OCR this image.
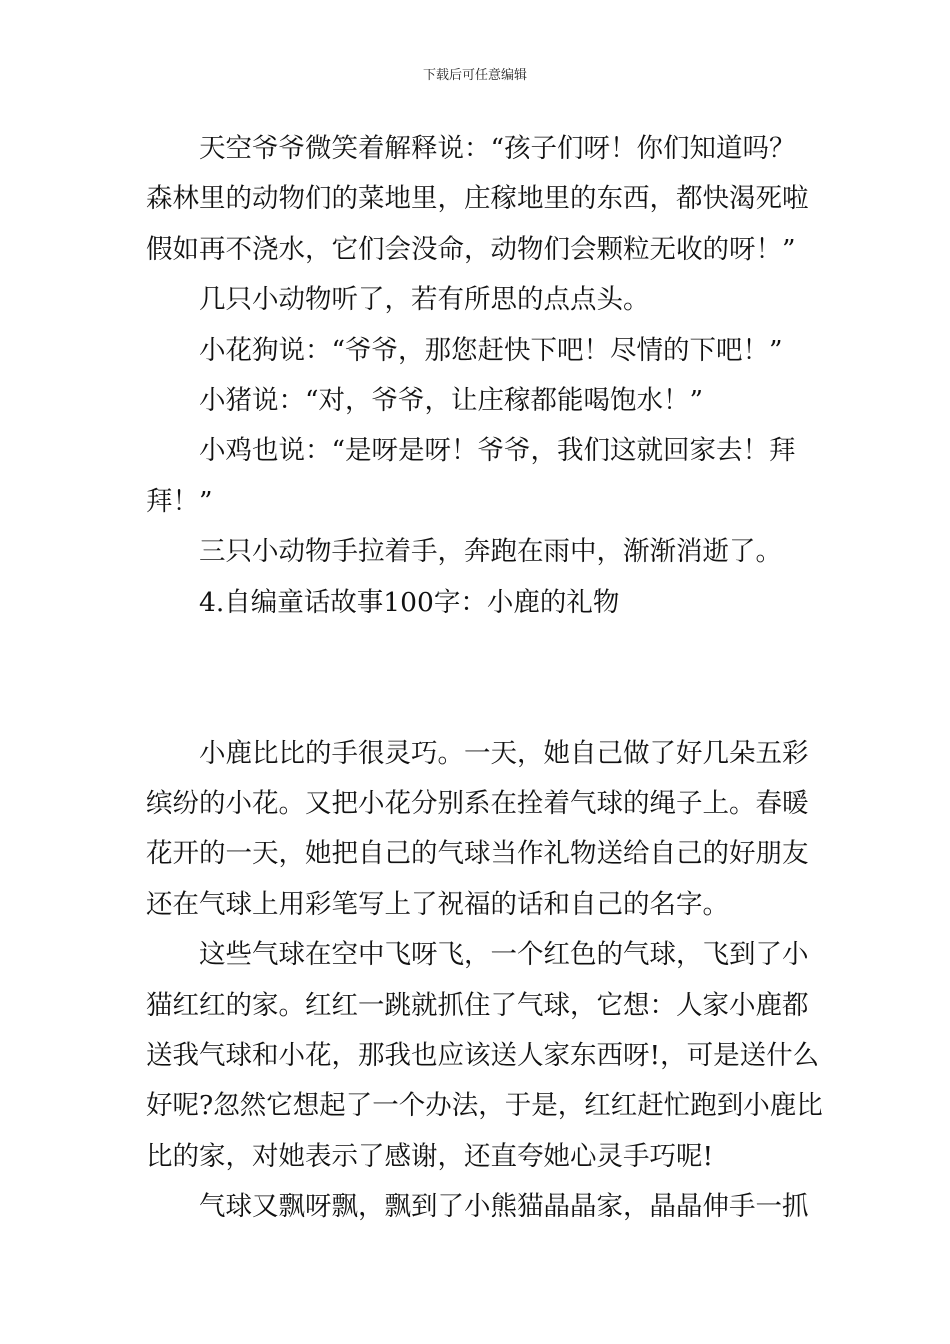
下载后可任意编辑
天空爷爷微笑着解释说：“孩子们呀！你们知道吗？
森林里的动物们的菜地里，庄稼地里的东西，都快渴死啦
假如再不浇水，它们会没命，动物们会颗粒无收的呀！”
几只小动物听了，若有所思的点点头。
小花狗说：“爷爷，那您赶快下吧！尽情的下吧！”
小猪说：“对，爷爷，让庄稼都能喝饱水！”
小鸡也说：“是呀是呀！爷爷，我们这就回家去！拜
拜！”
三只小动物手拉着手，奔跑在雨中，渐渐消逝了。
4.自编童话故事100字：小鹿的礼物
小鹿比比的手很灵巧。一天，她自己做了好几朵五彩
缤纷的小花。又把小花分别系在拴着气球的绳子上。春暖
花开的一天，她把自己的气球当作礼物送给自己的好朋友
还在气球上用彩笔写上了祝福的话和自己的名字。
这些气球在空中飞呀飞，一个红色的气球，飞到了小
猫红红的家。红红一跳就抓住了气球，它想：人家小鹿都
送我气球和小花，那我也应该送人家东西呀!，可是送什么
好呢?忽然它想起了一个办法，于是，红红赶忙跑到小鹿比
比的家，对她表示了感谢，还直夸她心灵手巧呢!
气球又飘呀飘，飘到了小熊猫晶晶家，晶晶伸手一抓
